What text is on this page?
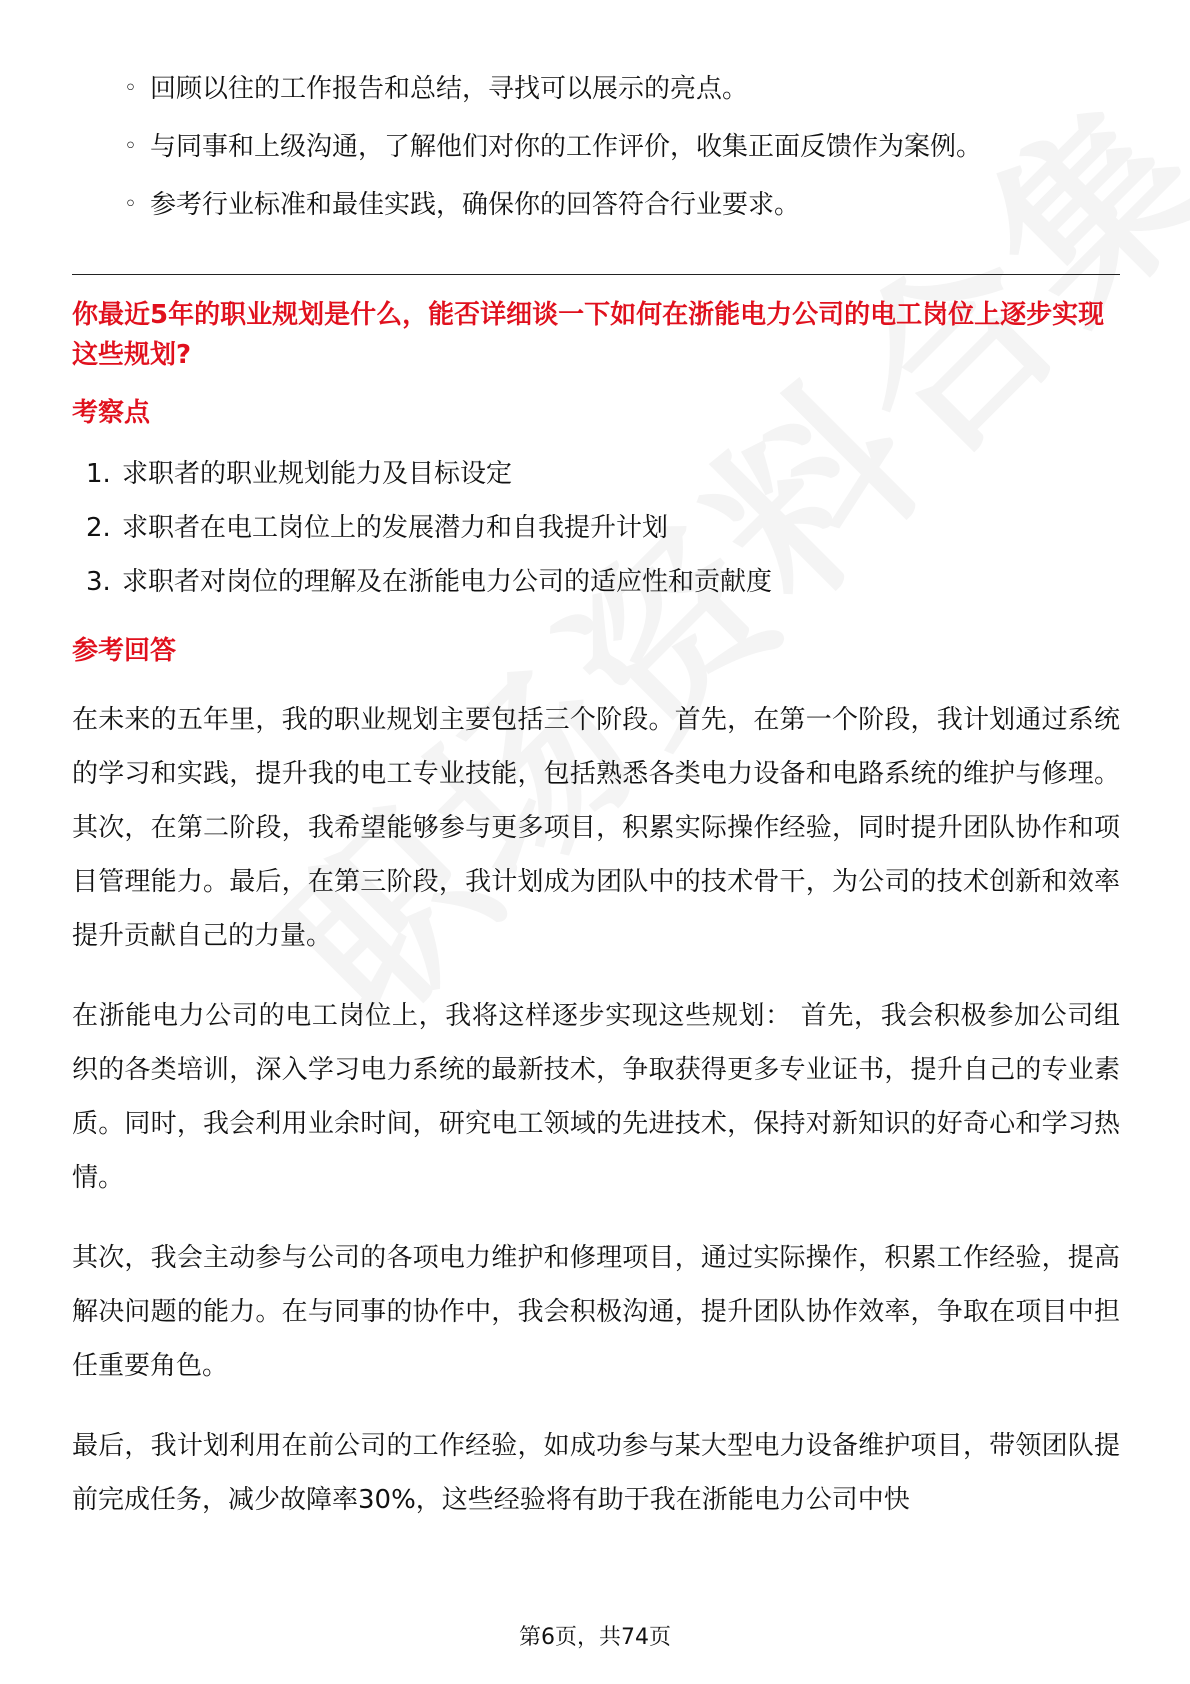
◦ 回顾以往的工作报告和总结，寻找可以展示的亮点。
◦ 与同事和上级沟通，了解他们对你的工作评价，收集正面反馈作为案例。
◦ 参考行业标准和最佳实践，确保你的回答符合行业要求。
你最近5年的职业规划是什么，能否详细谈一下如何在浙能电力公司的电工岗位上逐步实现这些规划?
考察点
1. 求职者的职业规划能力及目标设定
2. 求职者在电工岗位上的发展潜力和自我提升计划
3. 求职者对岗位的理解及在浙能电力公司的适应性和贡献度
参考回答

在未来的五年里，我的职业规划主要包括三个阶段。首先，在第一个阶段，我计划通过系统的学习和实践，提升我的电工专业技能，包括熟悉各类电力设备和电路系统的维护与修理。其次，在第二阶段，我希望能够参与更多项目，积累实际操作经验，同时提升团队协作和项目管理能力。最后，在第三阶段，我计划成为团队中的技术骨干，为公司的技术创新和效率提升贡献自己的力量。

在浙能电力公司的电工岗位上，我将这样逐步实现这些规划： 首先，我会积极参加公司组织的各类培训，深入学习电力系统的最新技术，争取获得更多专业证书，提升自己的专业素质。同时，我会利用业余时间，研究电工领域的先进技术，保持对新知识的好奇心和学习热情。

其次，我会主动参与公司的各项电力维护和修理项目，通过实际操作，积累工作经验，提高解决问题的能力。在与同事的协作中，我会积极沟通，提升团队协作效率，争取在项目中担任重要角色。

最后，我计划利用在前公司的工作经验，如成功参与某大型电力设备维护项目，带领团队提前完成任务，减少故障率30%，这些经验将有助于我在浙能电力公司中快

第6页，共74页
